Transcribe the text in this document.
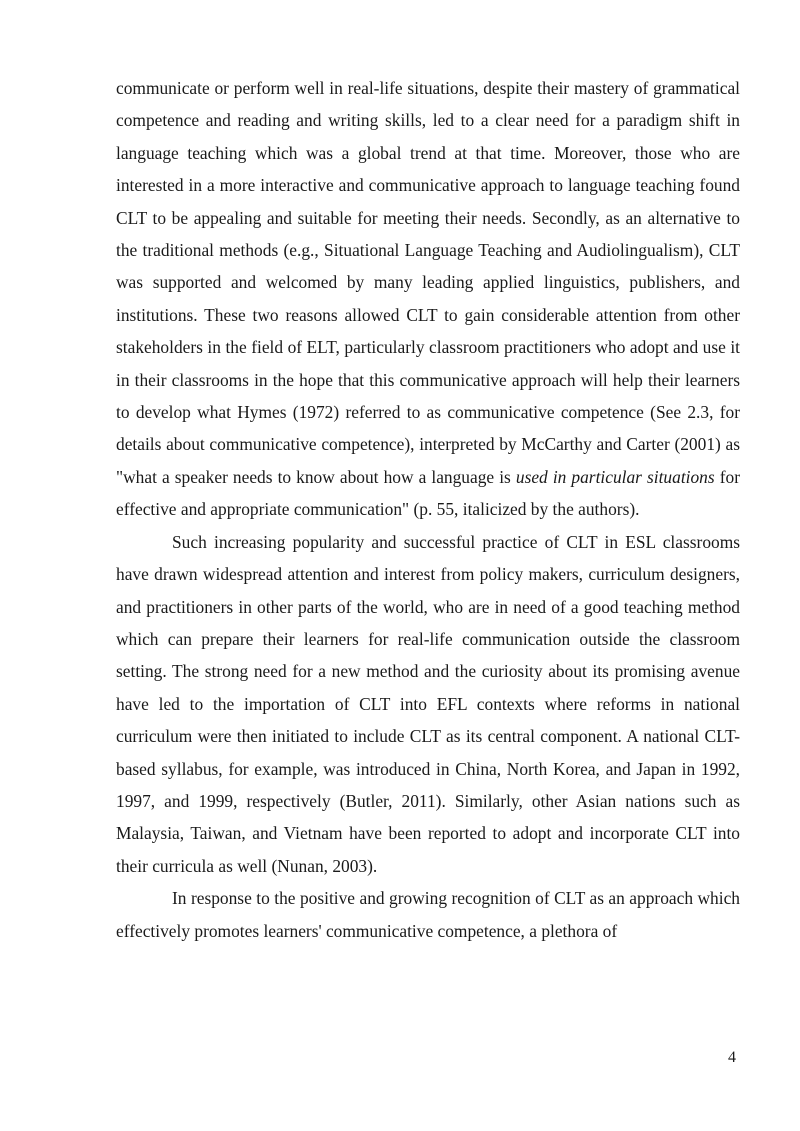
communicate or perform well in real-life situations, despite their mastery of grammatical competence and reading and writing skills, led to a clear need for a paradigm shift in language teaching which was a global trend at that time. Moreover, those who are interested in a more interactive and communicative approach to language teaching found CLT to be appealing and suitable for meeting their needs. Secondly, as an alternative to the traditional methods (e.g., Situational Language Teaching and Audiolingualism), CLT was supported and welcomed by many leading applied linguistics, publishers, and institutions. These two reasons allowed CLT to gain considerable attention from other stakeholders in the field of ELT, particularly classroom practitioners who adopt and use it in their classrooms in the hope that this communicative approach will help their learners to develop what Hymes (1972) referred to as communicative competence (See 2.3, for details about communicative competence), interpreted by McCarthy and Carter (2001) as "what a speaker needs to know about how a language is used in particular situations for effective and appropriate communication" (p. 55, italicized by the authors).

Such increasing popularity and successful practice of CLT in ESL classrooms have drawn widespread attention and interest from policy makers, curriculum designers, and practitioners in other parts of the world, who are in need of a good teaching method which can prepare their learners for real-life communication outside the classroom setting. The strong need for a new method and the curiosity about its promising avenue have led to the importation of CLT into EFL contexts where reforms in national curriculum were then initiated to include CLT as its central component. A national CLT-based syllabus, for example, was introduced in China, North Korea, and Japan in 1992, 1997, and 1999, respectively (Butler, 2011). Similarly, other Asian nations such as Malaysia, Taiwan, and Vietnam have been reported to adopt and incorporate CLT into their curricula as well (Nunan, 2003).

In response to the positive and growing recognition of CLT as an approach which effectively promotes learners' communicative competence, a plethora of

4
